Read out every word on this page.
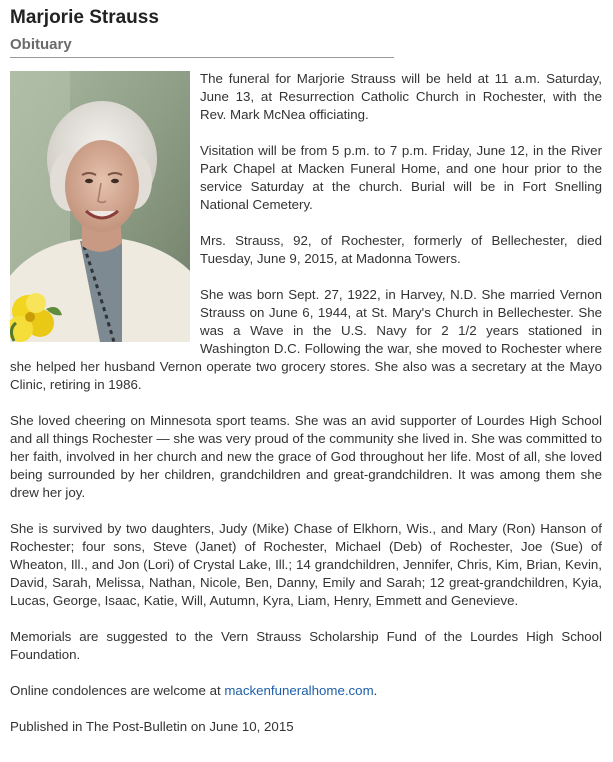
Marjorie Strauss
Obituary

The funeral for Marjorie Strauss will be held at 11 a.m. Saturday, June 13, at Resurrection Catholic Church in Rochester, with the Rev. Mark McNea officiating.

Visitation will be from 5 p.m. to 7 p.m. Friday, June 12, in the River Park Chapel at Macken Funeral Home, and one hour prior to the service Saturday at the church. Burial will be in Fort Snelling National Cemetery.

Mrs. Strauss, 92, of Rochester, formerly of Bellechester, died Tuesday, June 9, 2015, at Madonna Towers.

She was born Sept. 27, 1922, in Harvey, N.D. She married Vernon Strauss on June 6, 1944, at St. Mary's Church in Bellechester. She was a Wave in the U.S. Navy for 2 1/2 years stationed in Washington D.C. Following the war, she moved to Rochester where she helped her husband Vernon operate two grocery stores. She also was a secretary at the Mayo Clinic, retiring in 1986.

She loved cheering on Minnesota sport teams. She was an avid supporter of Lourdes High School and all things Rochester — she was very proud of the community she lived in. She was committed to her faith, involved in her church and new the grace of God throughout her life. Most of all, she loved being surrounded by her children, grandchildren and great-grandchildren. It was among them she drew her joy.

She is survived by two daughters, Judy (Mike) Chase of Elkhorn, Wis., and Mary (Ron) Hanson of Rochester; four sons, Steve (Janet) of Rochester, Michael (Deb) of Rochester, Joe (Sue) of Wheaton, Ill., and Jon (Lori) of Crystal Lake, Ill.; 14 grandchildren, Jennifer, Chris, Kim, Brian, Kevin, David, Sarah, Melissa, Nathan, Nicole, Ben, Danny, Emily and Sarah; 12 great-grandchildren, Kyia, Lucas, George, Isaac, Katie, Will, Autumn, Kyra, Liam, Henry, Emmett and Genevieve.

Memorials are suggested to the Vern Strauss Scholarship Fund of the Lourdes High School Foundation.

Online condolences are welcome at mackenfuneralhome.com.

Published in The Post-Bulletin on June 10, 2015
